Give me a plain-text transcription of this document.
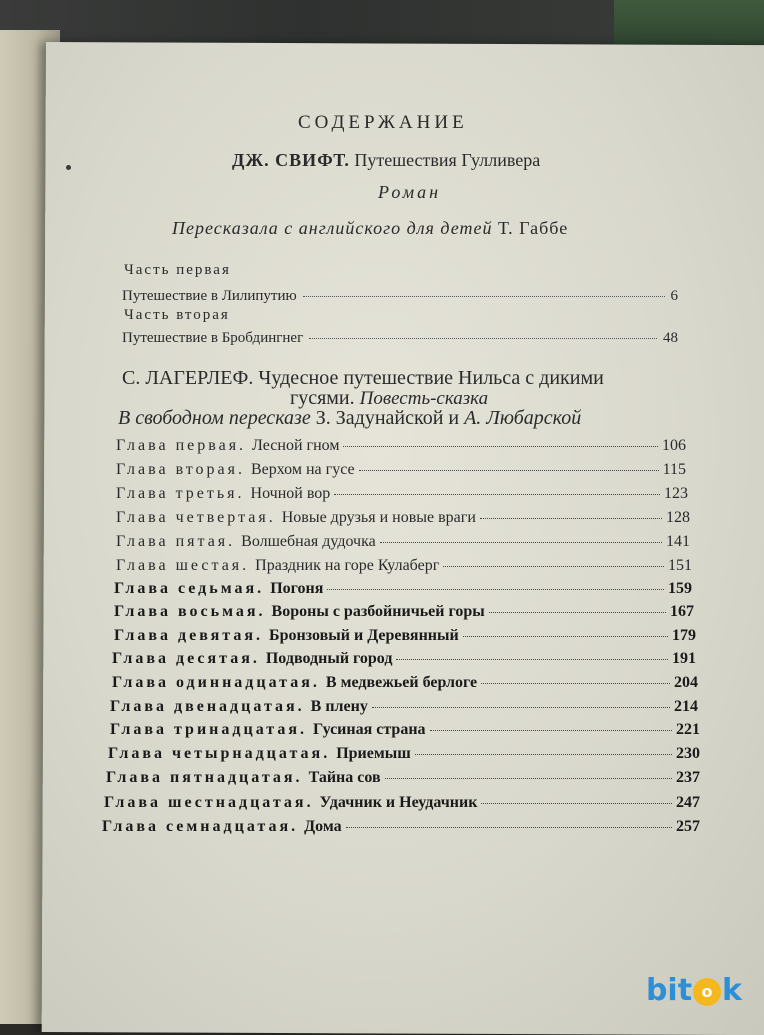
СОДЕРЖАНИЕ
ДЖ. СВИФТ. Путешествия Гулливера
Роман
Пересказала с английского для детей Т. Габбе
Часть первая
Путешествие в Лилипутию	6
Часть вторая
Путешествие в Бробдингнег	48
С. ЛАГЕРЛЕФ. Чудесное путешествие Нильса с дикими
гусями. Повесть-сказка
В свободном пересказе З. Задунайской и А. Любарской
Глава первая. Лесной гном	106
Глава вторая. Верхом на гусе	115
Глава третья. Ночной вор	123
Глава четвертая. Новые друзья и новые враги	128
Глава пятая. Волшебная дудочка	141
Глава шестая. Праздник на горе Кулаберг	151
Глава седьмая. Погоня	159
Глава восьмая. Вороны с разбойничьей горы	167
Глава девятая. Бронзовый и Деревянный	179
Глава десятая. Подводный город	191
Глава одиннадцатая. В медвежьей берлоге	204
Глава двенадцатая. В плену	214
Глава тринадцатая. Гусиная страна	221
Глава четырнадцатая. Приемыш	230
Глава пятнадцатая. Тайна сов	237
Глава шестнадцатая. Удачник и Неудачник	247
Глава семнадцатая. Дома	257
bit o k
